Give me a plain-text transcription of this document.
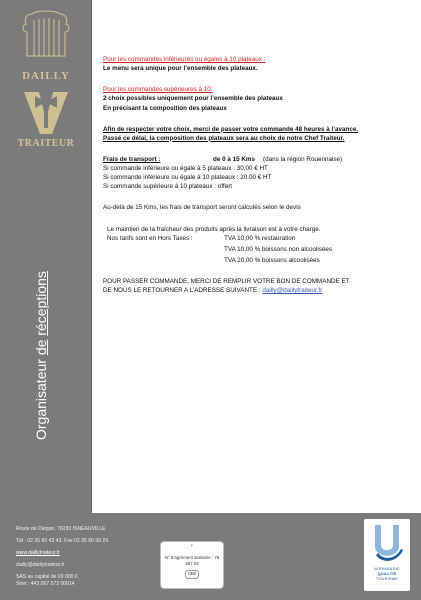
DAILLY
TRAITEUR
Organisateur de réceptions

Pour les commandes inférieures ou égales à 10 plateaux :

Le menu sera unique pour l’ensemble des plateaux.

Pour les commandes supérieures à 10:

2 choix possibles uniquement pour l’ensemble des plateaux

En précisant la composition des plateaux

Afin de respecter votre choix, merci de passer votre commande 48 heures à l’avance.

Passé ce délai, la composition des plateaux sera au choix de notre Chef Traiteur.

Frais de transport :	de 0 à 15 Kms (dans la région Rouennaise)

Si commande inférieure ou égale à 5 plateaux : 30.00 € HT

Si commande inférieure ou égale à 10 plateaux : 20.00 € HT

Si commande supérieure à 10 plateaux : offert

Au-delà de 15 Kms, les frais de transport seront calculés selon le devis

Le maintien de la fraîcheur des produits après la livraison est à votre charge.

Nos tarifs sont en Hors Taxes :	TVA 10,00 % restauration
TVA 10,00 % boissons non alcoolisées
TVA 20,00 % boissons alcoolisées

POUR PASSER COMMANDE, MERCI DE REMPLIR VOTRE BON DE COMMANDE ET

DE NOUS LE RETOURNER A L’ADRESSE SUIVANTE : dailly@daillytraiteur.fr

Route de Dieppe, 76230 ISNEAUVILLE

Tél : 02 35 60 43 43. Fax 02 35 60 99 29

www.daillytraiteur.fr

dailly@daillytraiteur.fr

SAS au capital de 69 000 €

Siret : 443 067 572 00014

F
N° d’agrément sanitaire : 76 357 02
CEE
NORMANDIE
QUALITÉ
TOURISME
